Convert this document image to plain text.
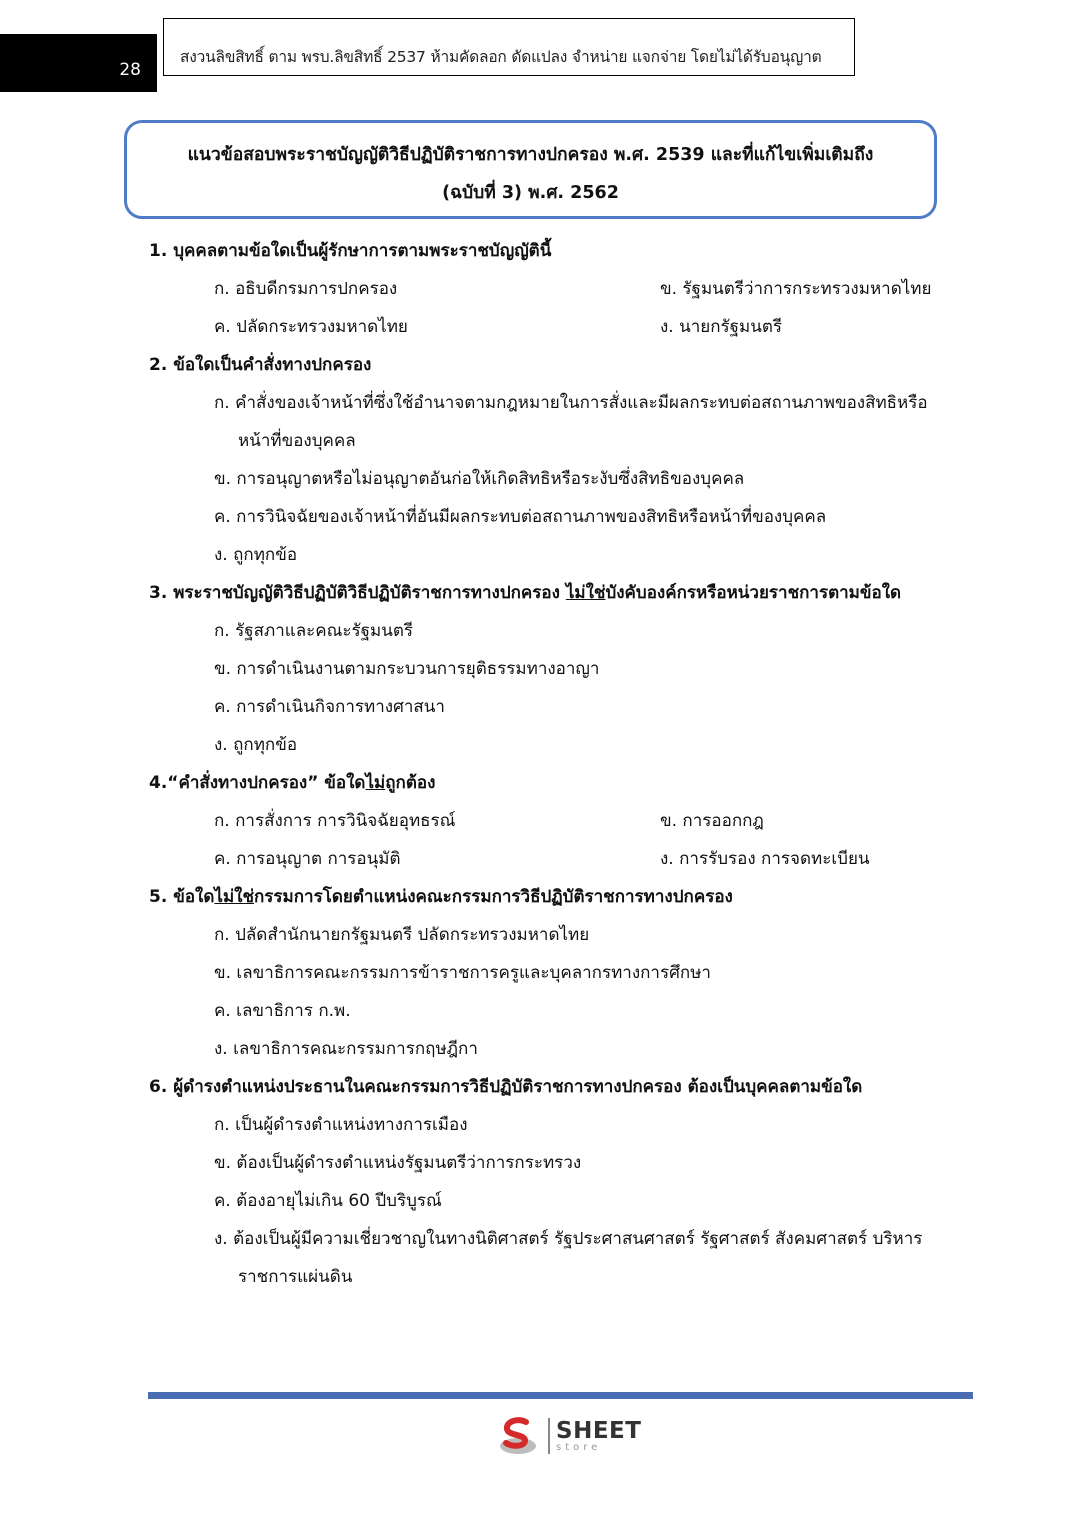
28
สงวนลิขสิทธิ์ ตาม พรบ.ลิขสิทธิ์ 2537 ห้ามคัดลอก ดัดแปลง จำหน่าย แจกจ่าย โดยไม่ได้รับอนุญาต
แนวข้อสอบพระราชบัญญัติวิธีปฏิบัติราชการทางปกครอง พ.ศ. 2539 และที่แก้ไขเพิ่มเติมถึง
(ฉบับที่ 3) พ.ศ. 2562
1. บุคคลตามข้อใดเป็นผู้รักษาการตามพระราชบัญญัตินี้
ก. อธิบดีกรมการปกครอง	ข. รัฐมนตรีว่าการกระทรวงมหาดไทย
ค. ปลัดกระทรวงมหาดไทย	ง. นายกรัฐมนตรี
2. ข้อใดเป็นคำสั่งทางปกครอง
ก. คำสั่งของเจ้าหน้าที่ซึ่งใช้อำนาจตามกฎหมายในการสั่งและมีผลกระทบต่อสถานภาพของสิทธิหรือหน้าที่ของบุคคล
ข. การอนุญาตหรือไม่อนุญาตอันก่อให้เกิดสิทธิหรือระงับซึ่งสิทธิของบุคคล
ค. การวินิจฉัยของเจ้าหน้าที่อันมีผลกระทบต่อสถานภาพของสิทธิหรือหน้าที่ของบุคคล
ง. ถูกทุกข้อ
3. พระราชบัญญัติวิธีปฏิบัติวิธีปฏิบัติราชการทางปกครอง ไม่ใช่บังคับองค์กรหรือหน่วยราชการตามข้อใด
ก. รัฐสภาและคณะรัฐมนตรี
ข. การดำเนินงานตามกระบวนการยุติธรรมทางอาญา
ค. การดำเนินกิจการทางศาสนา
ง. ถูกทุกข้อ
4.“คำสั่งทางปกครอง” ข้อใดไม่ถูกต้อง
ก. การสั่งการ การวินิจฉัยอุทธรณ์	ข. การออกกฎ
ค. การอนุญาต การอนุมัติ	ง. การรับรอง การจดทะเบียน
5. ข้อใดไม่ใช่กรรมการโดยตำแหน่งคณะกรรมการวิธีปฏิบัติราชการทางปกครอง
ก. ปลัดสำนักนายกรัฐมนตรี ปลัดกระทรวงมหาดไทย
ข. เลขาธิการคณะกรรมการข้าราชการครูและบุคลากรทางการศึกษา
ค. เลขาธิการ ก.พ.
ง. เลขาธิการคณะกรรมการกฤษฎีกา
6. ผู้ดำรงตำแหน่งประธานในคณะกรรมการวิธีปฏิบัติราชการทางปกครอง ต้องเป็นบุคคลตามข้อใด
ก. เป็นผู้ดำรงตำแหน่งทางการเมือง
ข. ต้องเป็นผู้ดำรงตำแหน่งรัฐมนตรีว่าการกระทรวง
ค. ต้องอายุไม่เกิน 60 ปีบริบูรณ์
ง. ต้องเป็นผู้มีความเชี่ยวชาญในทางนิติศาสตร์ รัฐประศาสนศาสตร์ รัฐศาสตร์ สังคมศาสตร์ บริหารราชการแผ่นดิน
SHEET
store
